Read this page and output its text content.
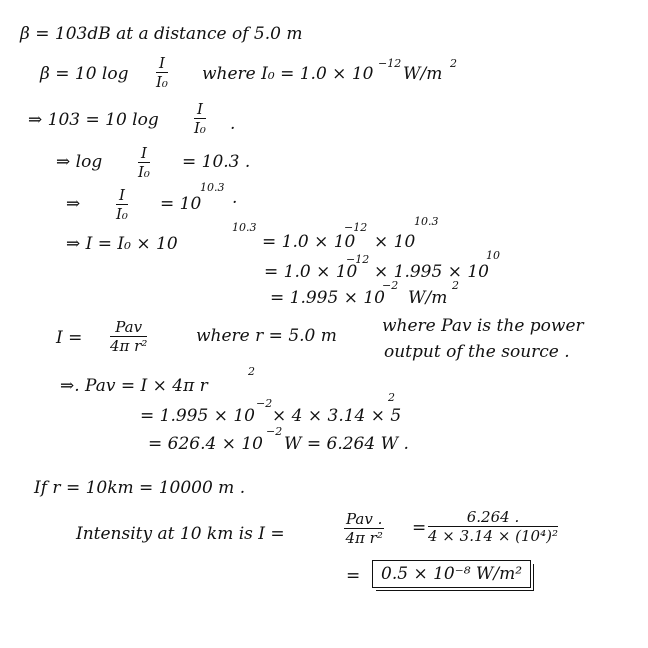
β = 103dB at a distance of 5.0 m
β = 10 $\log \frac{I}{\text{I₀}}$ where I₀ = 1.0 × 10
−12
W/m
2
⇒ 103 = 10 $\log \frac{I}{\text{I₀}}$ .
⇒ $\log \frac{I}{\text{I₀}} = 10.3$ .
⇒ $\frac{I}{\text{I₀}} = 10$
10.3
.
⇒ I = I₀ × 10
10.3
= 1.0 × 10
−12
× 10
10.3
= 1.0 × 10
−12
× 1.995 × 10
10
= 1.995 × 10
−2
W/m
2
I =
Pav
4π r²	where r = 5.0 m	where Pav is the power
output of the source .
⇒. Pav = I × 4π r
2
= 1.995 × 10
−2
× 4 × 3.14 × 5
2
= 626.4 × 10
−2
W = 6.264 W .
If r = 10km = 10000 m .
Intensity at 10 km is I =
Pav .
4π $r^2 = \frac{6.264 .}{\text{4 × 3.14 × (10⁴)²}}$
=	0.5 × 10⁻⁸ W/m²
